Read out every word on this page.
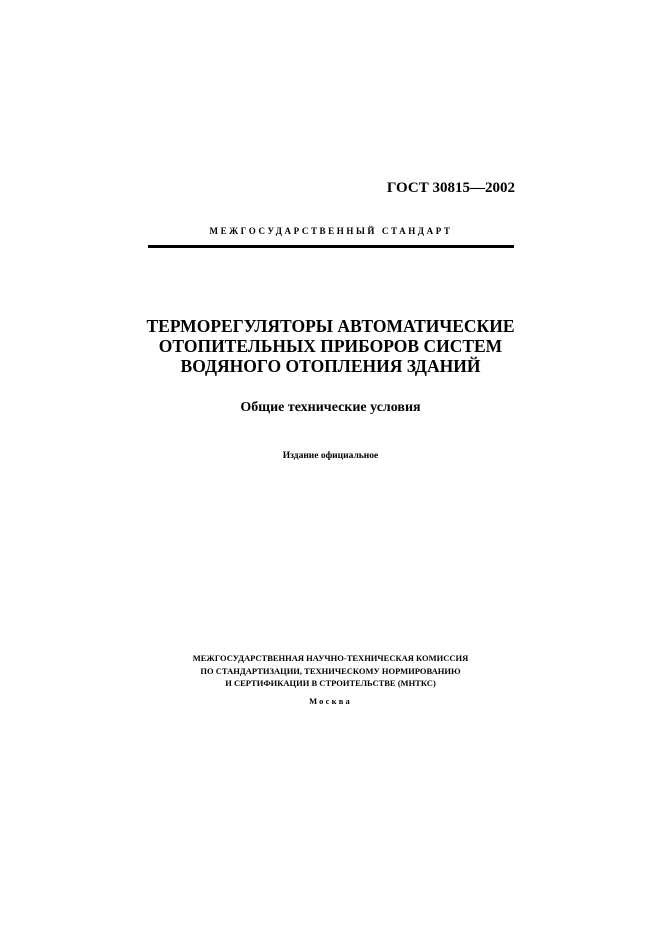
ГОСТ 30815—2002
МЕЖГОСУДАРСТВЕННЫЙ СТАНДАРТ
ТЕРМОРЕГУЛЯТОРЫ АВТОМАТИЧЕСКИЕ
ОТОПИТЕЛЬНЫХ ПРИБОРОВ СИСТЕМ
ВОДЯНОГО ОТОПЛЕНИЯ ЗДАНИЙ
Общие технические условия
Издание официальное
МЕЖГОСУДАРСТВЕННАЯ НАУЧНО-ТЕХНИЧЕСКАЯ КОМИССИЯ
ПО СТАНДАРТИЗАЦИИ, ТЕХНИЧЕСКОМУ НОРМИРОВАНИЮ
И СЕРТИФИКАЦИИ В СТРОИТЕЛЬСТВЕ (МНТКС)
Москва
